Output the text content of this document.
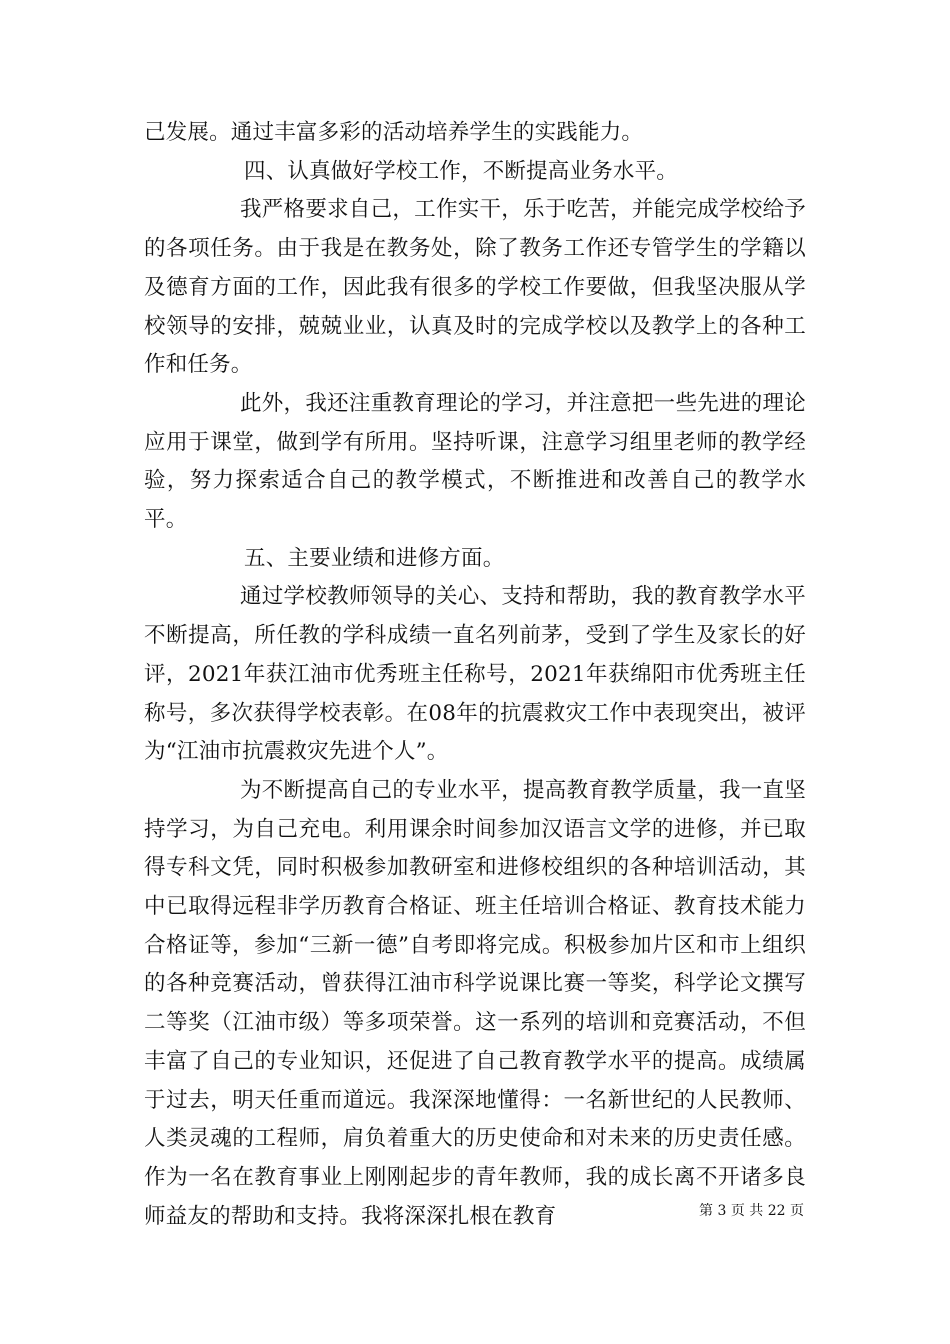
己发展。通过丰富多彩的活动培养学生的实践能力。

四、认真做好学校工作，不断提高业务水平。

我严格要求自己，工作实干，乐于吃苦，并能完成学校给予的各项任务。由于我是在教务处，除了教务工作还专管学生的学籍以及德育方面的工作，因此我有很多的学校工作要做，但我坚决服从学校领导的安排，兢兢业业，认真及时的完成学校以及教学上的各种工作和任务。

此外，我还注重教育理论的学习，并注意把一些先进的理论应用于课堂，做到学有所用。坚持听课，注意学习组里老师的教学经验，努力探索适合自己的教学模式，不断推进和改善自己的教学水平。

五、主要业绩和进修方面。

通过学校教师领导的关心、支持和帮助，我的教育教学水平不断提高，所任教的学科成绩一直名列前茅，受到了学生及家长的好评，2021年获江油市优秀班主任称号，2021年获绵阳市优秀班主任称号，多次获得学校表彰。在08年的抗震救灾工作中表现突出，被评为“江油市抗震救灾先进个人”。

为不断提高自己的专业水平，提高教育教学质量，我一直坚持学习，为自己充电。利用课余时间参加汉语言文学的进修，并已取得专科文凭，同时积极参加教研室和进修校组织的各种培训活动，其中已取得远程非学历教育合格证、班主任培训合格证、教育技术能力合格证等，参加“三新一德”自考即将完成。积极参加片区和市上组织的各种竞赛活动，曾获得江油市科学说课比赛一等奖，科学论文撰写二等奖（江油市级）等多项荣誉。这一系列的培训和竞赛活动，不但丰富了自己的专业知识，还促进了自己教育教学水平的提高。成绩属于过去，明天任重而道远。我深深地懂得：一名新世纪的人民教师、人类灵魂的工程师，肩负着重大的历史使命和对未来的历史责任感。作为一名在教育事业上刚刚起步的青年教师，我的成长离不开诸多良师益友的帮助和支持。我将深深扎根在教育	第 3 页 共 22 页
